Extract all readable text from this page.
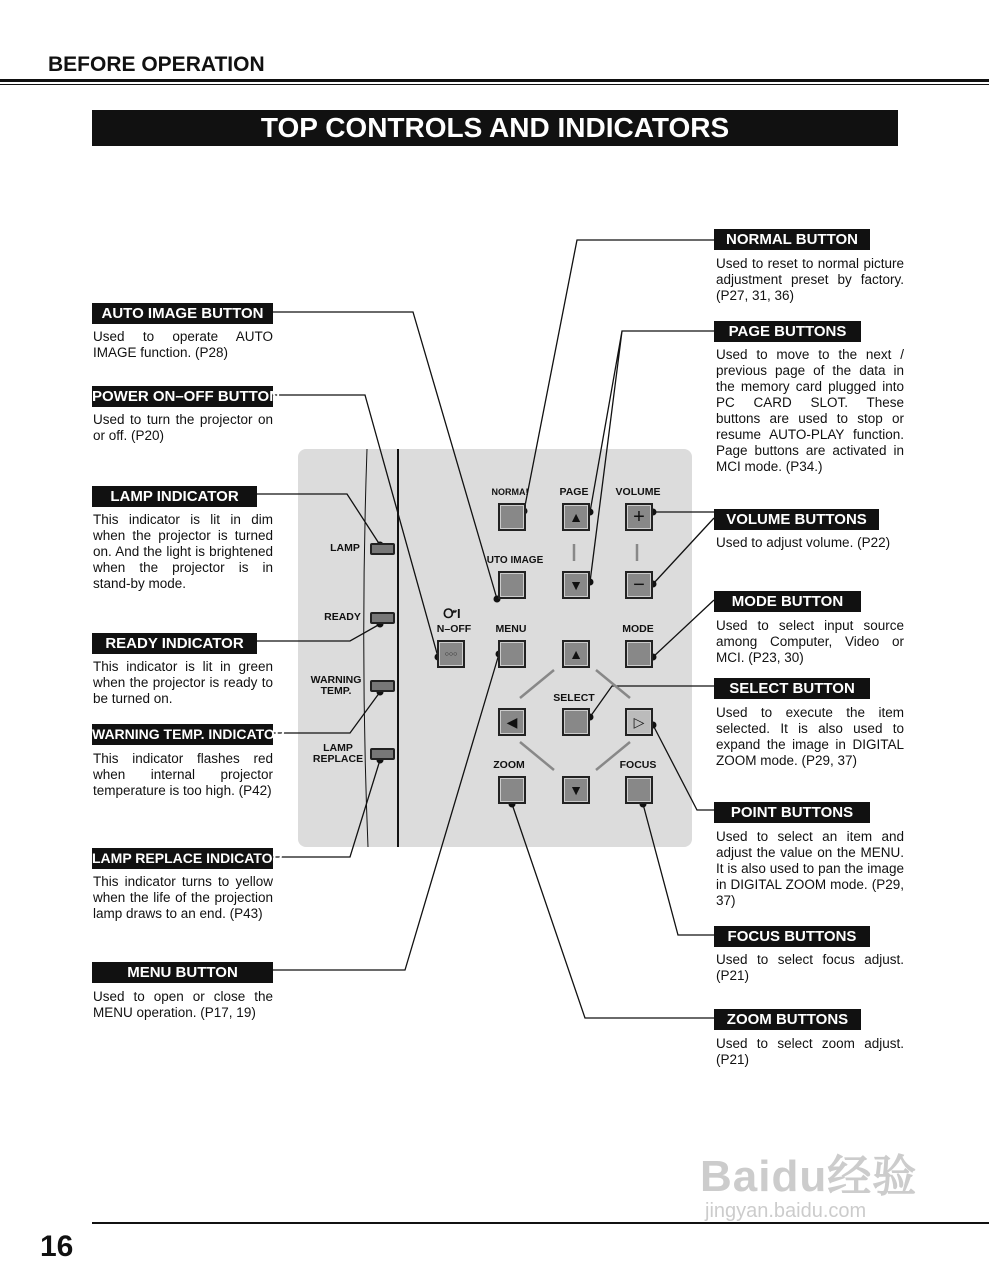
BEFORE OPERATION
TOP CONTROLS AND INDICATORS
LAMP
READY
WARNING TEMP.
LAMP REPLACE
ᏅI
N–OFF
○○○
NORMA!	PAGE	VOLUME
UTO IMAGE
MENU	MODE
SELECT
ZOOM	FOCUS
▲	+
▼	−
▲
◀	▷
▼
AUTO IMAGE BUTTON
Used to operate AUTO IMAGE function. (P28)
POWER ON–OFF BUTTON
Used to turn the projector on or off. (P20)
LAMP INDICATOR
This indicator is lit in dim when the projector is turned on. And the light is brightened when the projector is in stand-by mode.
READY INDICATOR
This indicator is lit in green when the projector is ready to be turned on.
WARNING TEMP. INDICATOR
This indicator flashes red when internal projector temperature is too high. (P42)
LAMP REPLACE INDICATOR
This indicator turns to yellow when the life of the projection lamp draws to an end. (P43)
MENU BUTTON
Used to open or close the MENU operation. (P17, 19)
NORMAL BUTTON
Used to reset to normal picture adjustment preset by factory. (P27, 31, 36)
PAGE BUTTONS
Used to move to the next / previous page of the data in the memory card plugged into PC CARD SLOT. These buttons are used to stop or resume AUTO-PLAY function. Page buttons are activated in MCI mode. (P34.)
VOLUME BUTTONS
Used to adjust volume. (P22)
MODE BUTTON
Used to select input source among Computer, Video or MCI. (P23, 30)
SELECT BUTTON
Used to execute the item selected. It is also used to expand the image in DIGITAL ZOOM mode. (P29, 37)
POINT BUTTONS
Used to select an item and adjust the value on the MENU. It is also used to pan the image in DIGITAL ZOOM mode. (P29, 37)
FOCUS BUTTONS
Used to select focus adjust. (P21)
ZOOM BUTTONS
Used to select zoom adjust. (P21)
Baidu经验
jingyan.baidu.com
16
